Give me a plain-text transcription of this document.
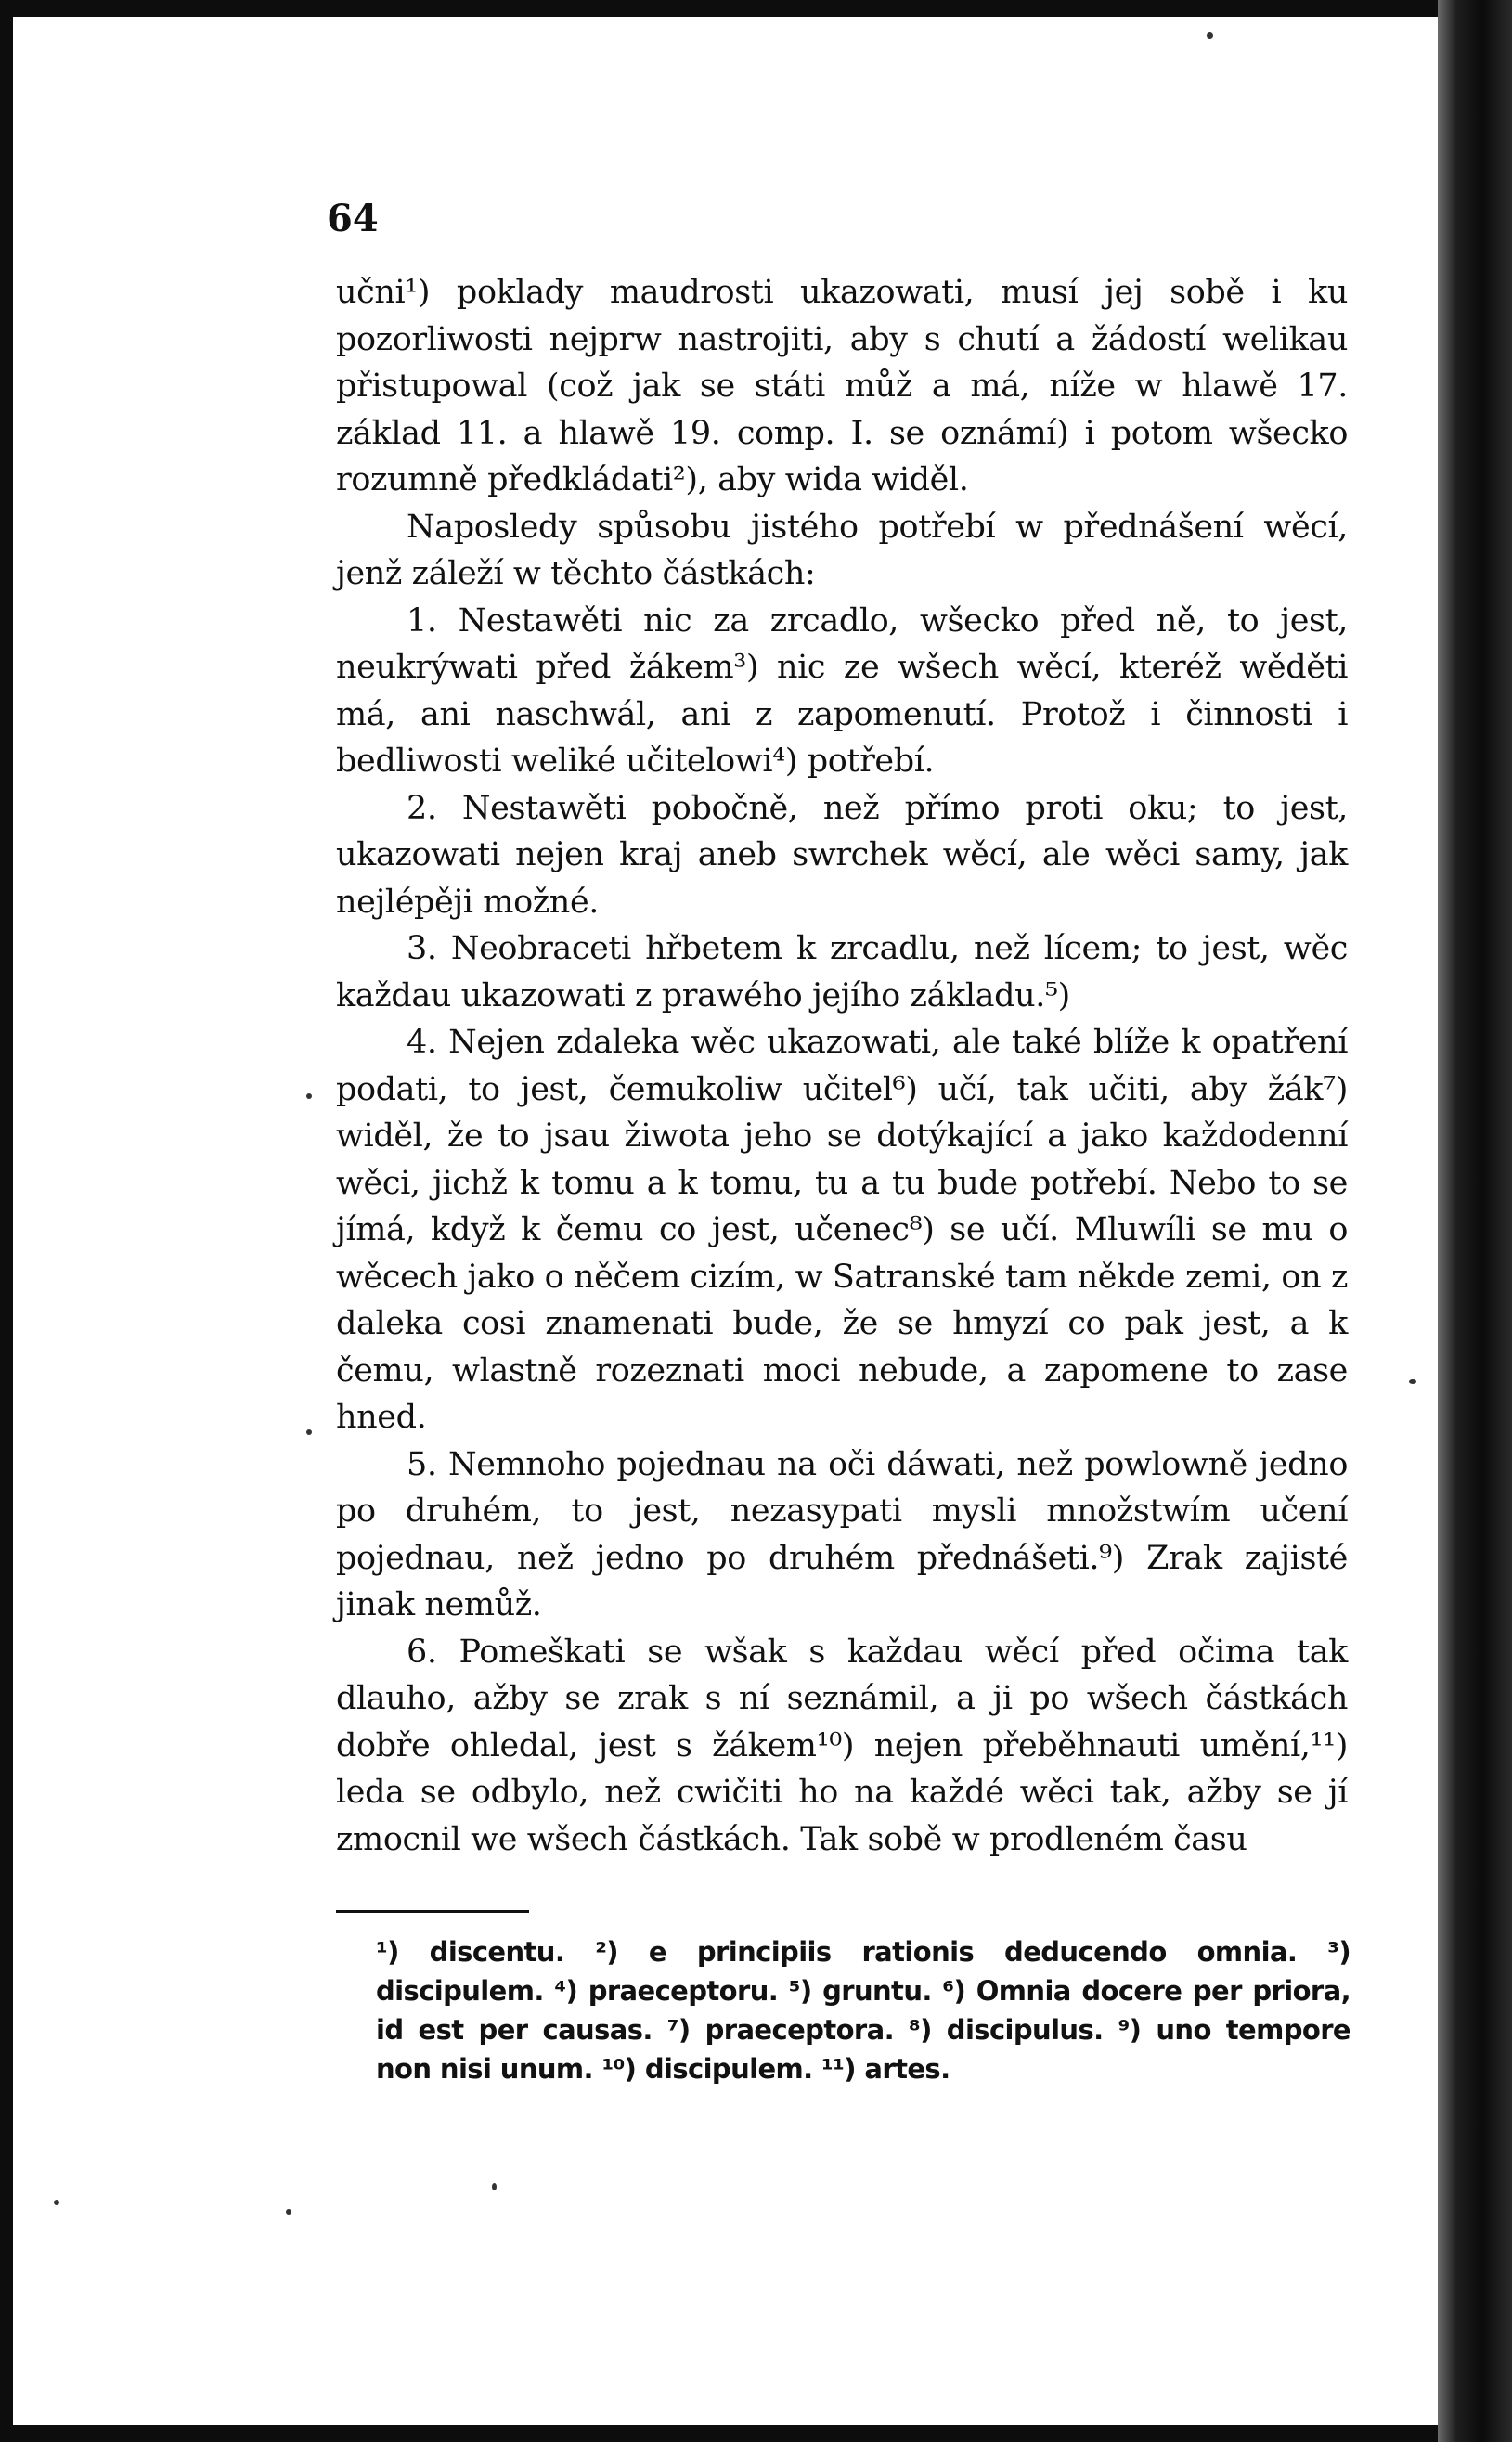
64

učni¹) poklady maudrosti ukazowati, musí jej sobě i ku pozorliwosti nejprw nastrojiti, aby s chutí a žádostí welikau přistupowal (což jak se státi můž a má, níže w hlawě 17. základ 11. a hlawě 19. comp. I. se oznámí) i potom wšecko rozumně předkládati²), aby wida widěl.

Naposledy spůsobu jistého potřebí w přednášení wěcí, jenž záleží w těchto částkách:

1. Nestawěti nic za zrcadlo, wšecko před ně, to jest, neukrýwati před žákem³) nic ze wšech wěcí, kteréž wěděti má, ani naschwál, ani z zapomenutí. Protož i činnosti i bedliwosti weliké učitelowi⁴) potřebí.

2. Nestawěti pobočně, než přímo proti oku; to jest, ukazowati nejen kraj aneb swrchek wěcí, ale wěci samy, jak nejlépěji možné.

3. Neobraceti hřbetem k zrcadlu, než lícem; to jest, wěc každau ukazowati z prawého jejího základu.⁵)

4. Nejen zdaleka wěc ukazowati, ale také blíže k opatření podati, to jest, čemukoliw učitel⁶) učí, tak učiti, aby žák⁷) widěl, že to jsau žiwota jeho se dotýkající a jako každodenní wěci, jichž k tomu a k tomu, tu a tu bude potřebí. Nebo to se jímá, když k čemu co jest, učenec⁸) se učí. Mluwíli se mu o wěcech jako o něčem cizím, w Satranské tam někde zemi, on z daleka cosi znamenati bude, že se hmyzí co pak jest, a k čemu, wlastně rozeznati moci nebude, a zapomene to zase hned.

5. Nemnoho pojednau na oči dáwati, než powlowně jedno po druhém, to jest, nezasypati mysli množstwím učení pojednau, než jedno po druhém přednášeti.⁹) Zrak zajisté jinak nemůž.

6. Pomeškati se wšak s každau wěcí před očima tak dlauho, ažby se zrak s ní seznámil, a ji po wšech částkách dobře ohledal, jest s žákem¹⁰) nejen přeběhnauti umění,¹¹) leda se odbylo, než cwičiti ho na každé wěci tak, ažby se jí zmocnil we wšech částkách. Tak sobě w prodleném času

¹) discentu. ²) e principiis rationis deducendo omnia. ³) discipulem. ⁴) praeceptoru. ⁵) gruntu. ⁶) Omnia docere per priora, id est per causas. ⁷) praeceptora. ⁸) discipulus. ⁹) uno tempore non nisi unum. ¹⁰) discipulem. ¹¹) artes.
